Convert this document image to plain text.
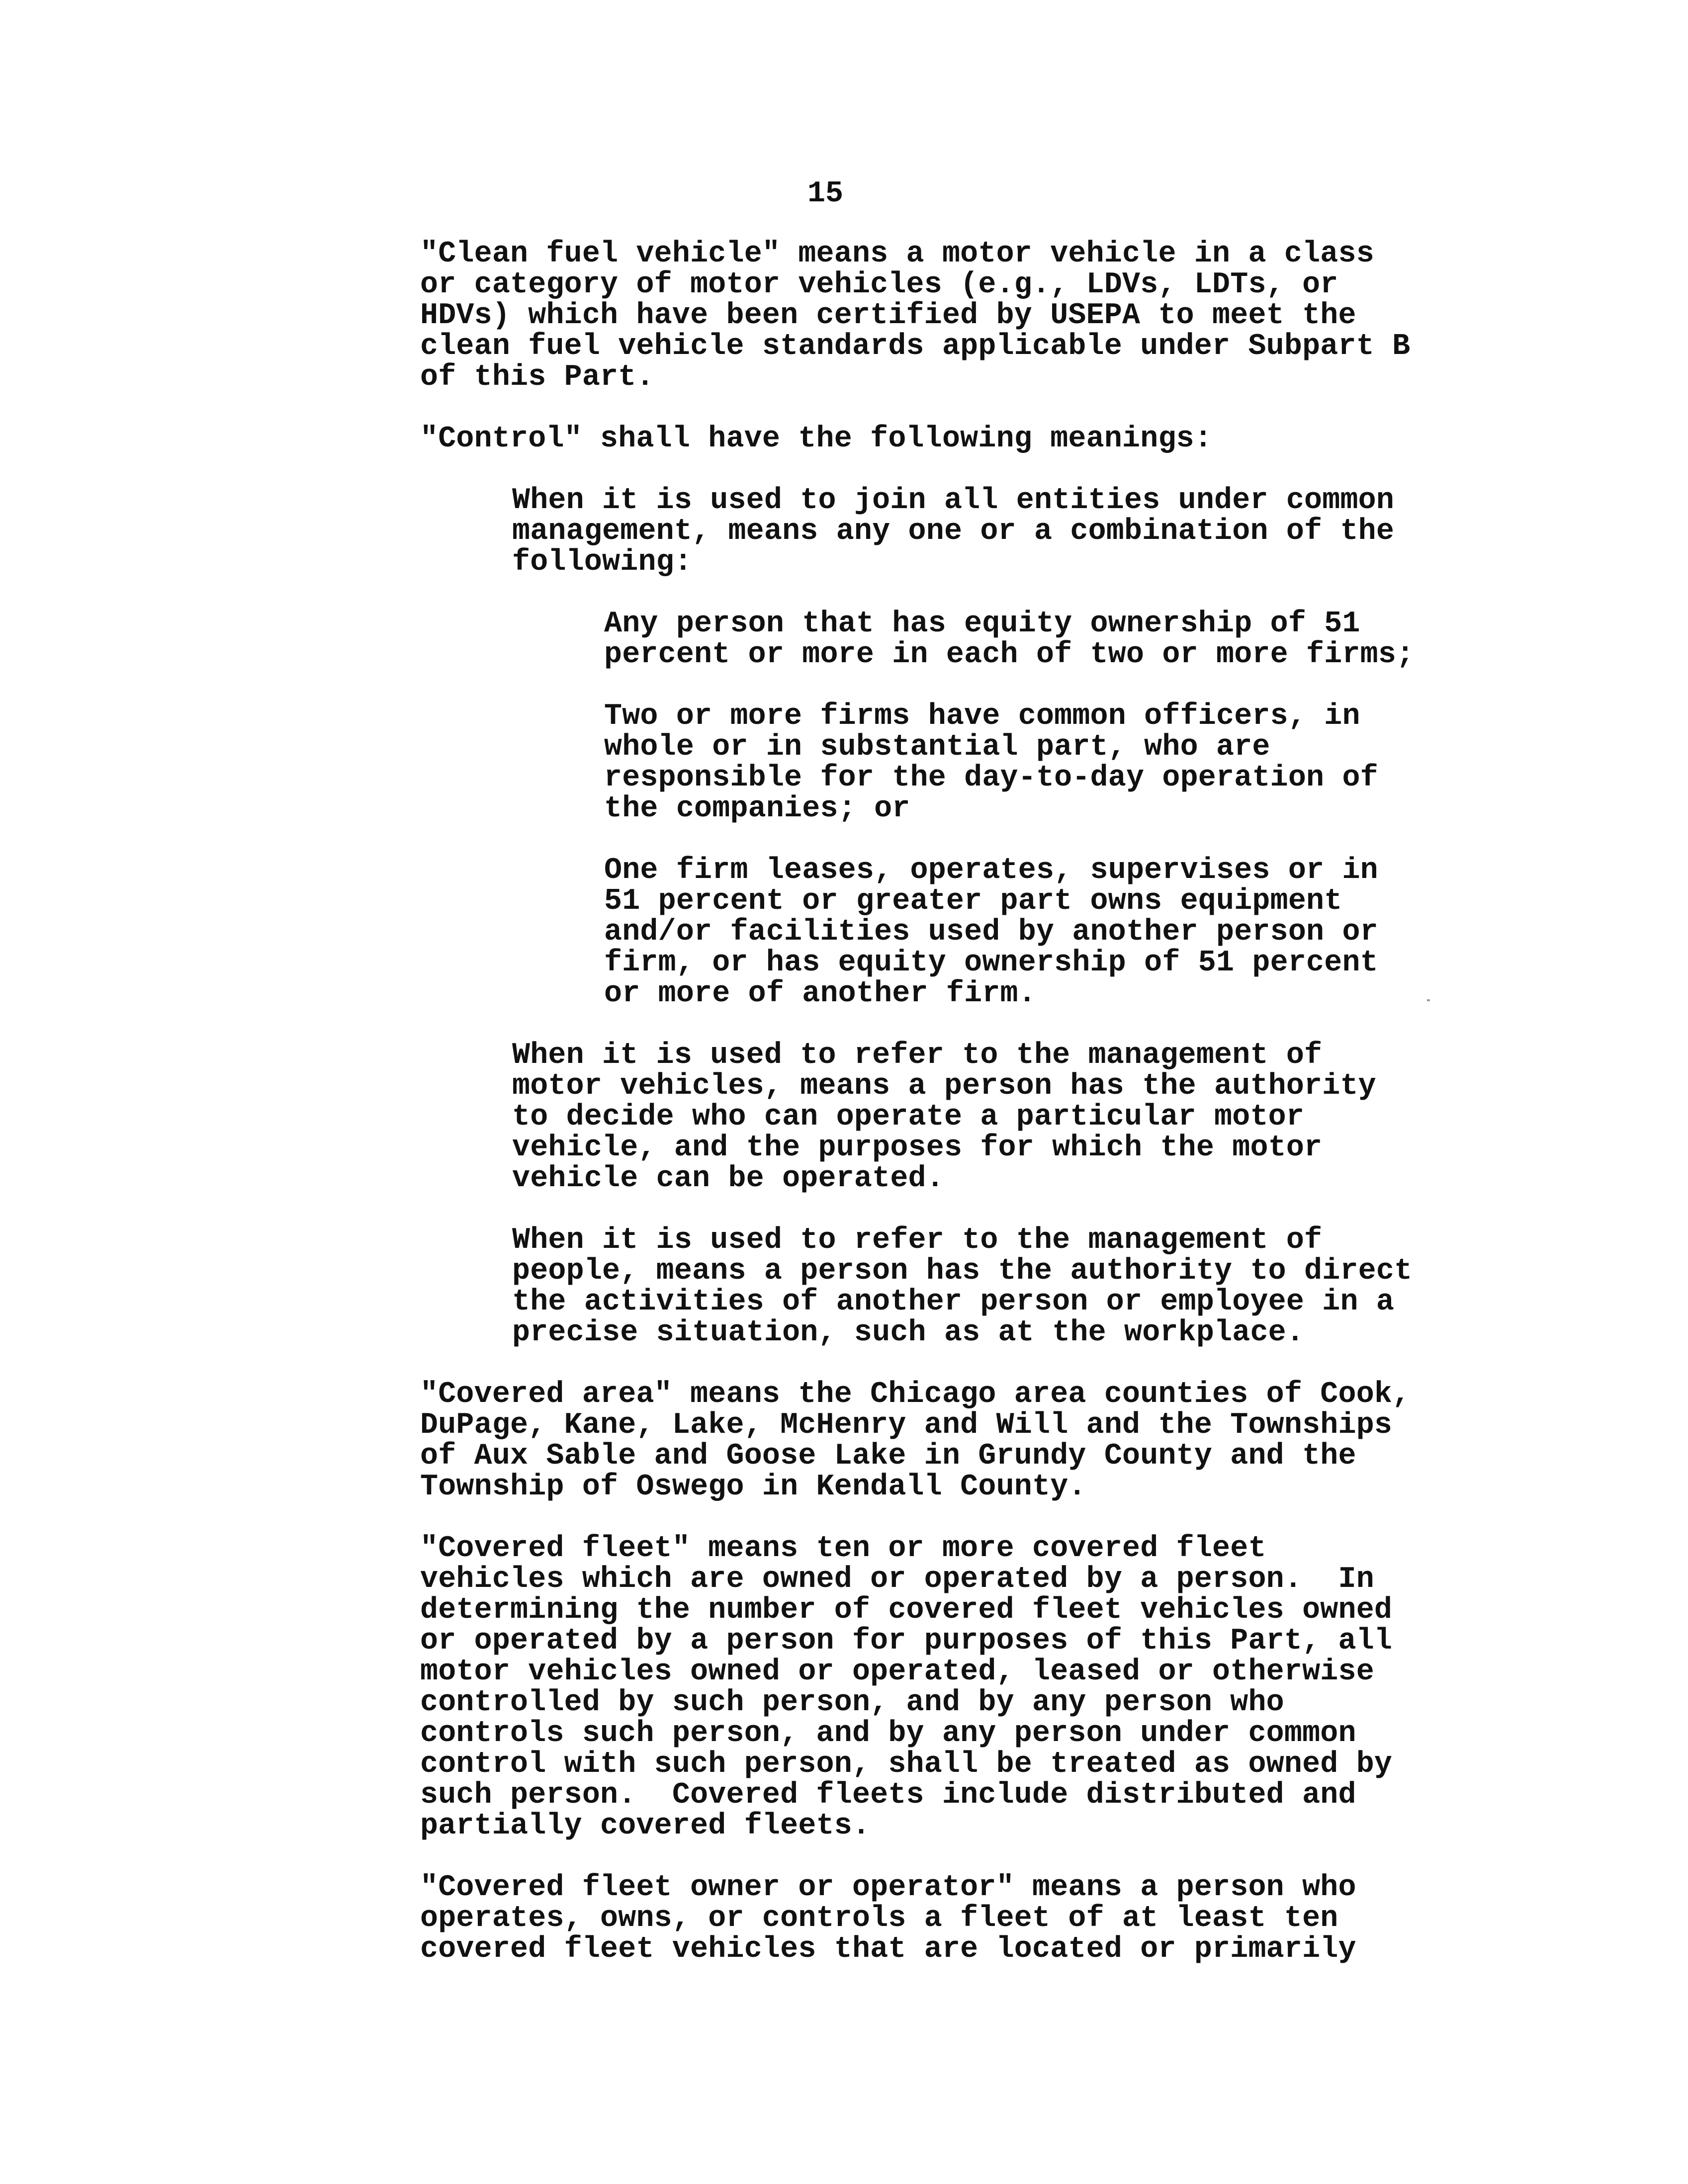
15
"Clean fuel vehicle" means a motor vehicle in a class
or category of motor vehicles (e.g., LDVs, LDTs, or
HDVs) which have been certified by USEPA to meet the
clean fuel vehicle standards applicable under Subpart B
of this Part.
"Control" shall have the following meanings:
When it is used to join all entities under common
management, means any one or a combination of the
following:
Any person that has equity ownership of 51
percent or more in each of two or more firms;
Two or more firms have common officers, in
whole or in substantial part, who are
responsible for the day-to-day operation of
the companies; or
One firm leases, operates, supervises or in
51 percent or greater part owns equipment
and/or facilities used by another person or
firm, or has equity ownership of 51 percent
or more of another firm.
When it is used to refer to the management of
motor vehicles, means a person has the authority
to decide who can operate a particular motor
vehicle, and the purposes for which the motor
vehicle can be operated.
When it is used to refer to the management of
people, means a person has the authority to direct
the activities of another person or employee in a
precise situation, such as at the workplace.
"Covered area" means the Chicago area counties of Cook,
DuPage, Kane, Lake, McHenry and Will and the Townships
of Aux Sable and Goose Lake in Grundy County and the
Township of Oswego in Kendall County.
"Covered fleet" means ten or more covered fleet
vehicles which are owned or operated by a person.  In
determining the number of covered fleet vehicles owned
or operated by a person for purposes of this Part, all
motor vehicles owned or operated, leased or otherwise
controlled by such person, and by any person who
controls such person, and by any person under common
control with such person, shall be treated as owned by
such person.  Covered fleets include distributed and
partially covered fleets.
"Covered fleet owner or operator" means a person who
operates, owns, or controls a fleet of at least ten
covered fleet vehicles that are located or primarily
